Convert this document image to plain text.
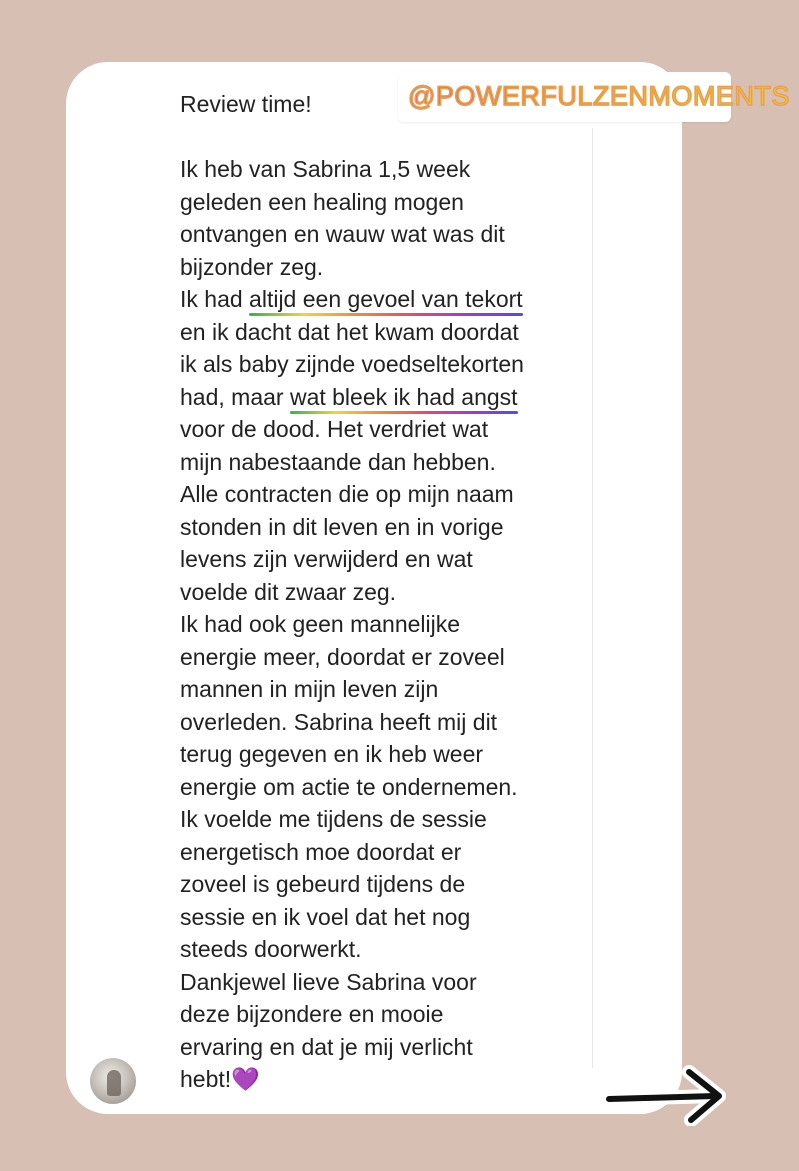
@POWERFULZENMOMENTS
Review time!
Ik heb van Sabrina 1,5 week
geleden een healing mogen
ontvangen en wauw wat was dit
bijzonder zeg.
Ik had altijd een gevoel van tekort
en ik dacht dat het kwam doordat
ik als baby zijnde voedseltekorten
had, maar wat bleek ik had angst
voor de dood. Het verdriet wat
mijn nabestaande dan hebben.
Alle contracten die op mijn naam
stonden in dit leven en in vorige
levens zijn verwijderd en wat
voelde dit zwaar zeg.
Ik had ook geen mannelijke
energie meer, doordat er zoveel
mannen in mijn leven zijn
overleden. Sabrina heeft mij dit
terug gegeven en ik heb weer
energie om actie te ondernemen.
Ik voelde me tijdens de sessie
energetisch moe doordat er
zoveel is gebeurd tijdens de
sessie en ik voel dat het nog
steeds doorwerkt.
Dankjewel lieve Sabrina voor
deze bijzondere en mooie
ervaring en dat je mij verlicht
hebt!💜
